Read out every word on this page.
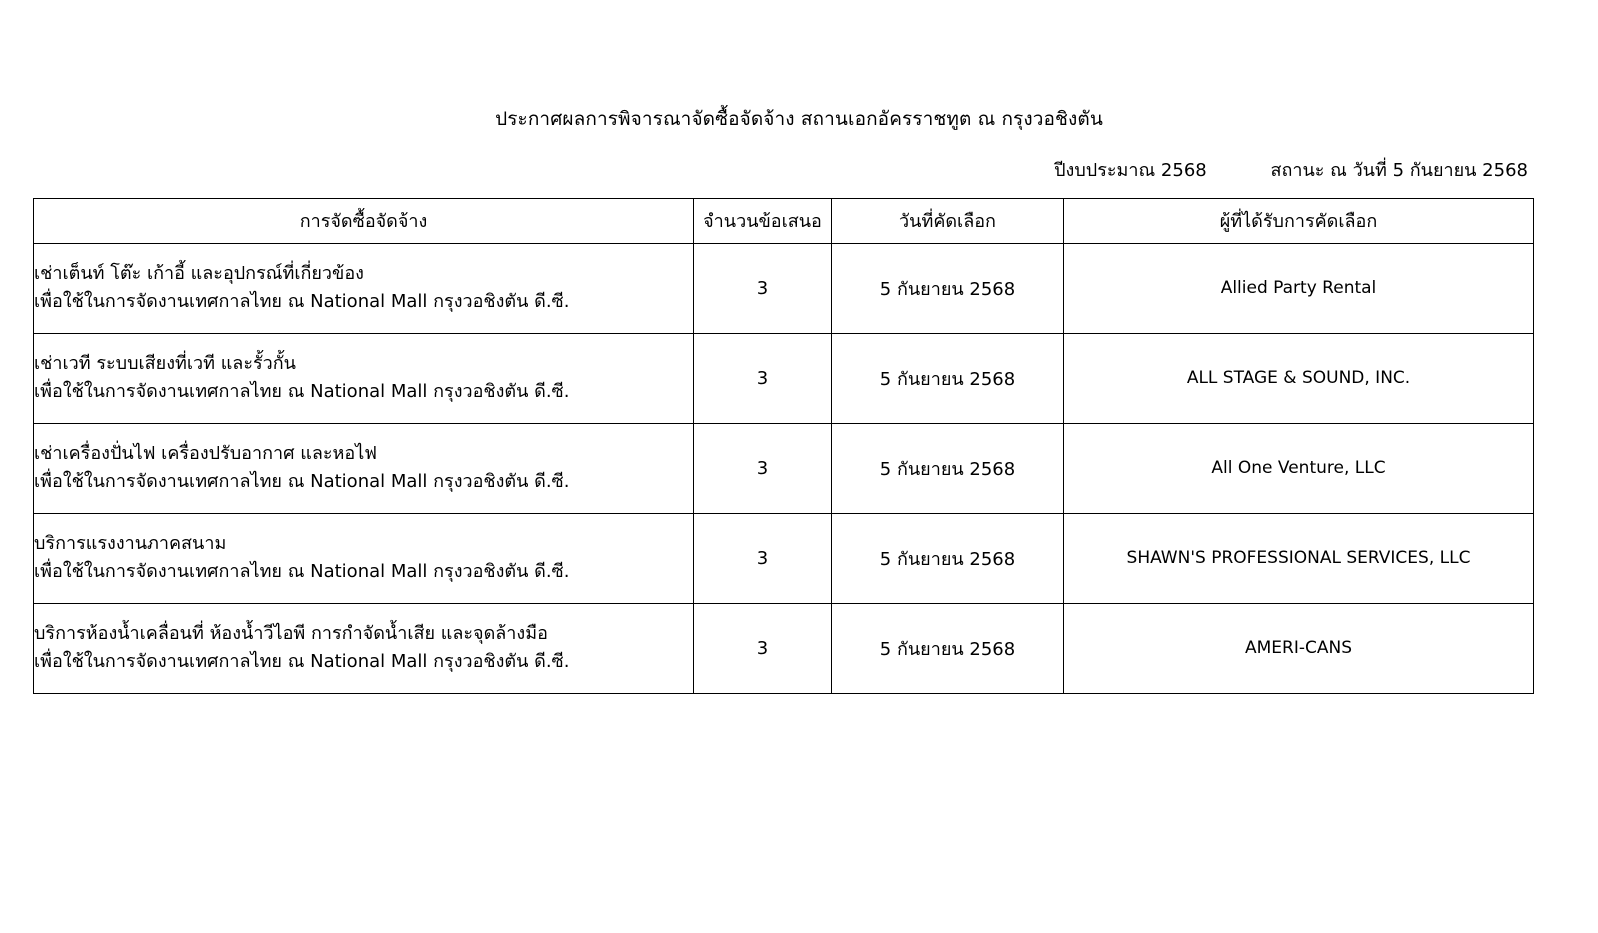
ประกาศผลการพิจารณาจัดซื้อจัดจ้าง สถานเอกอัครราชทูต ณ กรุงวอชิงตัน
ปีงบประมาณ 2568	สถานะ ณ วันที่ 5 กันยายน 2568
การจัดซื้อจัดจ้าง	จำนวนข้อเสนอ	วันที่คัดเลือก	ผู้ที่ได้รับการคัดเลือก

เช่าเต็นท์ โต๊ะ เก้าอี้ และอุปกรณ์ที่เกี่ยวข้อง
เพื่อใช้ในการจัดงานเทศกาลไทย ณ National Mall กรุงวอชิงตัน ดี.ซี.	3	5 กันยายน 2568	Allied Party Rental

เช่าเวที ระบบเสียงที่เวที และรั้วกั้น
เพื่อใช้ในการจัดงานเทศกาลไทย ณ National Mall กรุงวอชิงตัน ดี.ซี.	3	5 กันยายน 2568	ALL STAGE & SOUND, INC.

เช่าเครื่องปั่นไฟ เครื่องปรับอากาศ และหอไฟ
เพื่อใช้ในการจัดงานเทศกาลไทย ณ National Mall กรุงวอชิงตัน ดี.ซี.	3	5 กันยายน 2568	All One Venture, LLC

บริการแรงงานภาคสนาม
เพื่อใช้ในการจัดงานเทศกาลไทย ณ National Mall กรุงวอชิงตัน ดี.ซี.	3	5 กันยายน 2568	SHAWN'S PROFESSIONAL SERVICES, LLC

บริการห้องน้ำเคลื่อนที่ ห้องน้ำวีไอพี การกำจัดน้ำเสีย และจุดล้างมือ
เพื่อใช้ในการจัดงานเทศกาลไทย ณ National Mall กรุงวอชิงตัน ดี.ซี.	3	5 กันยายน 2568	AMERI-CANS
